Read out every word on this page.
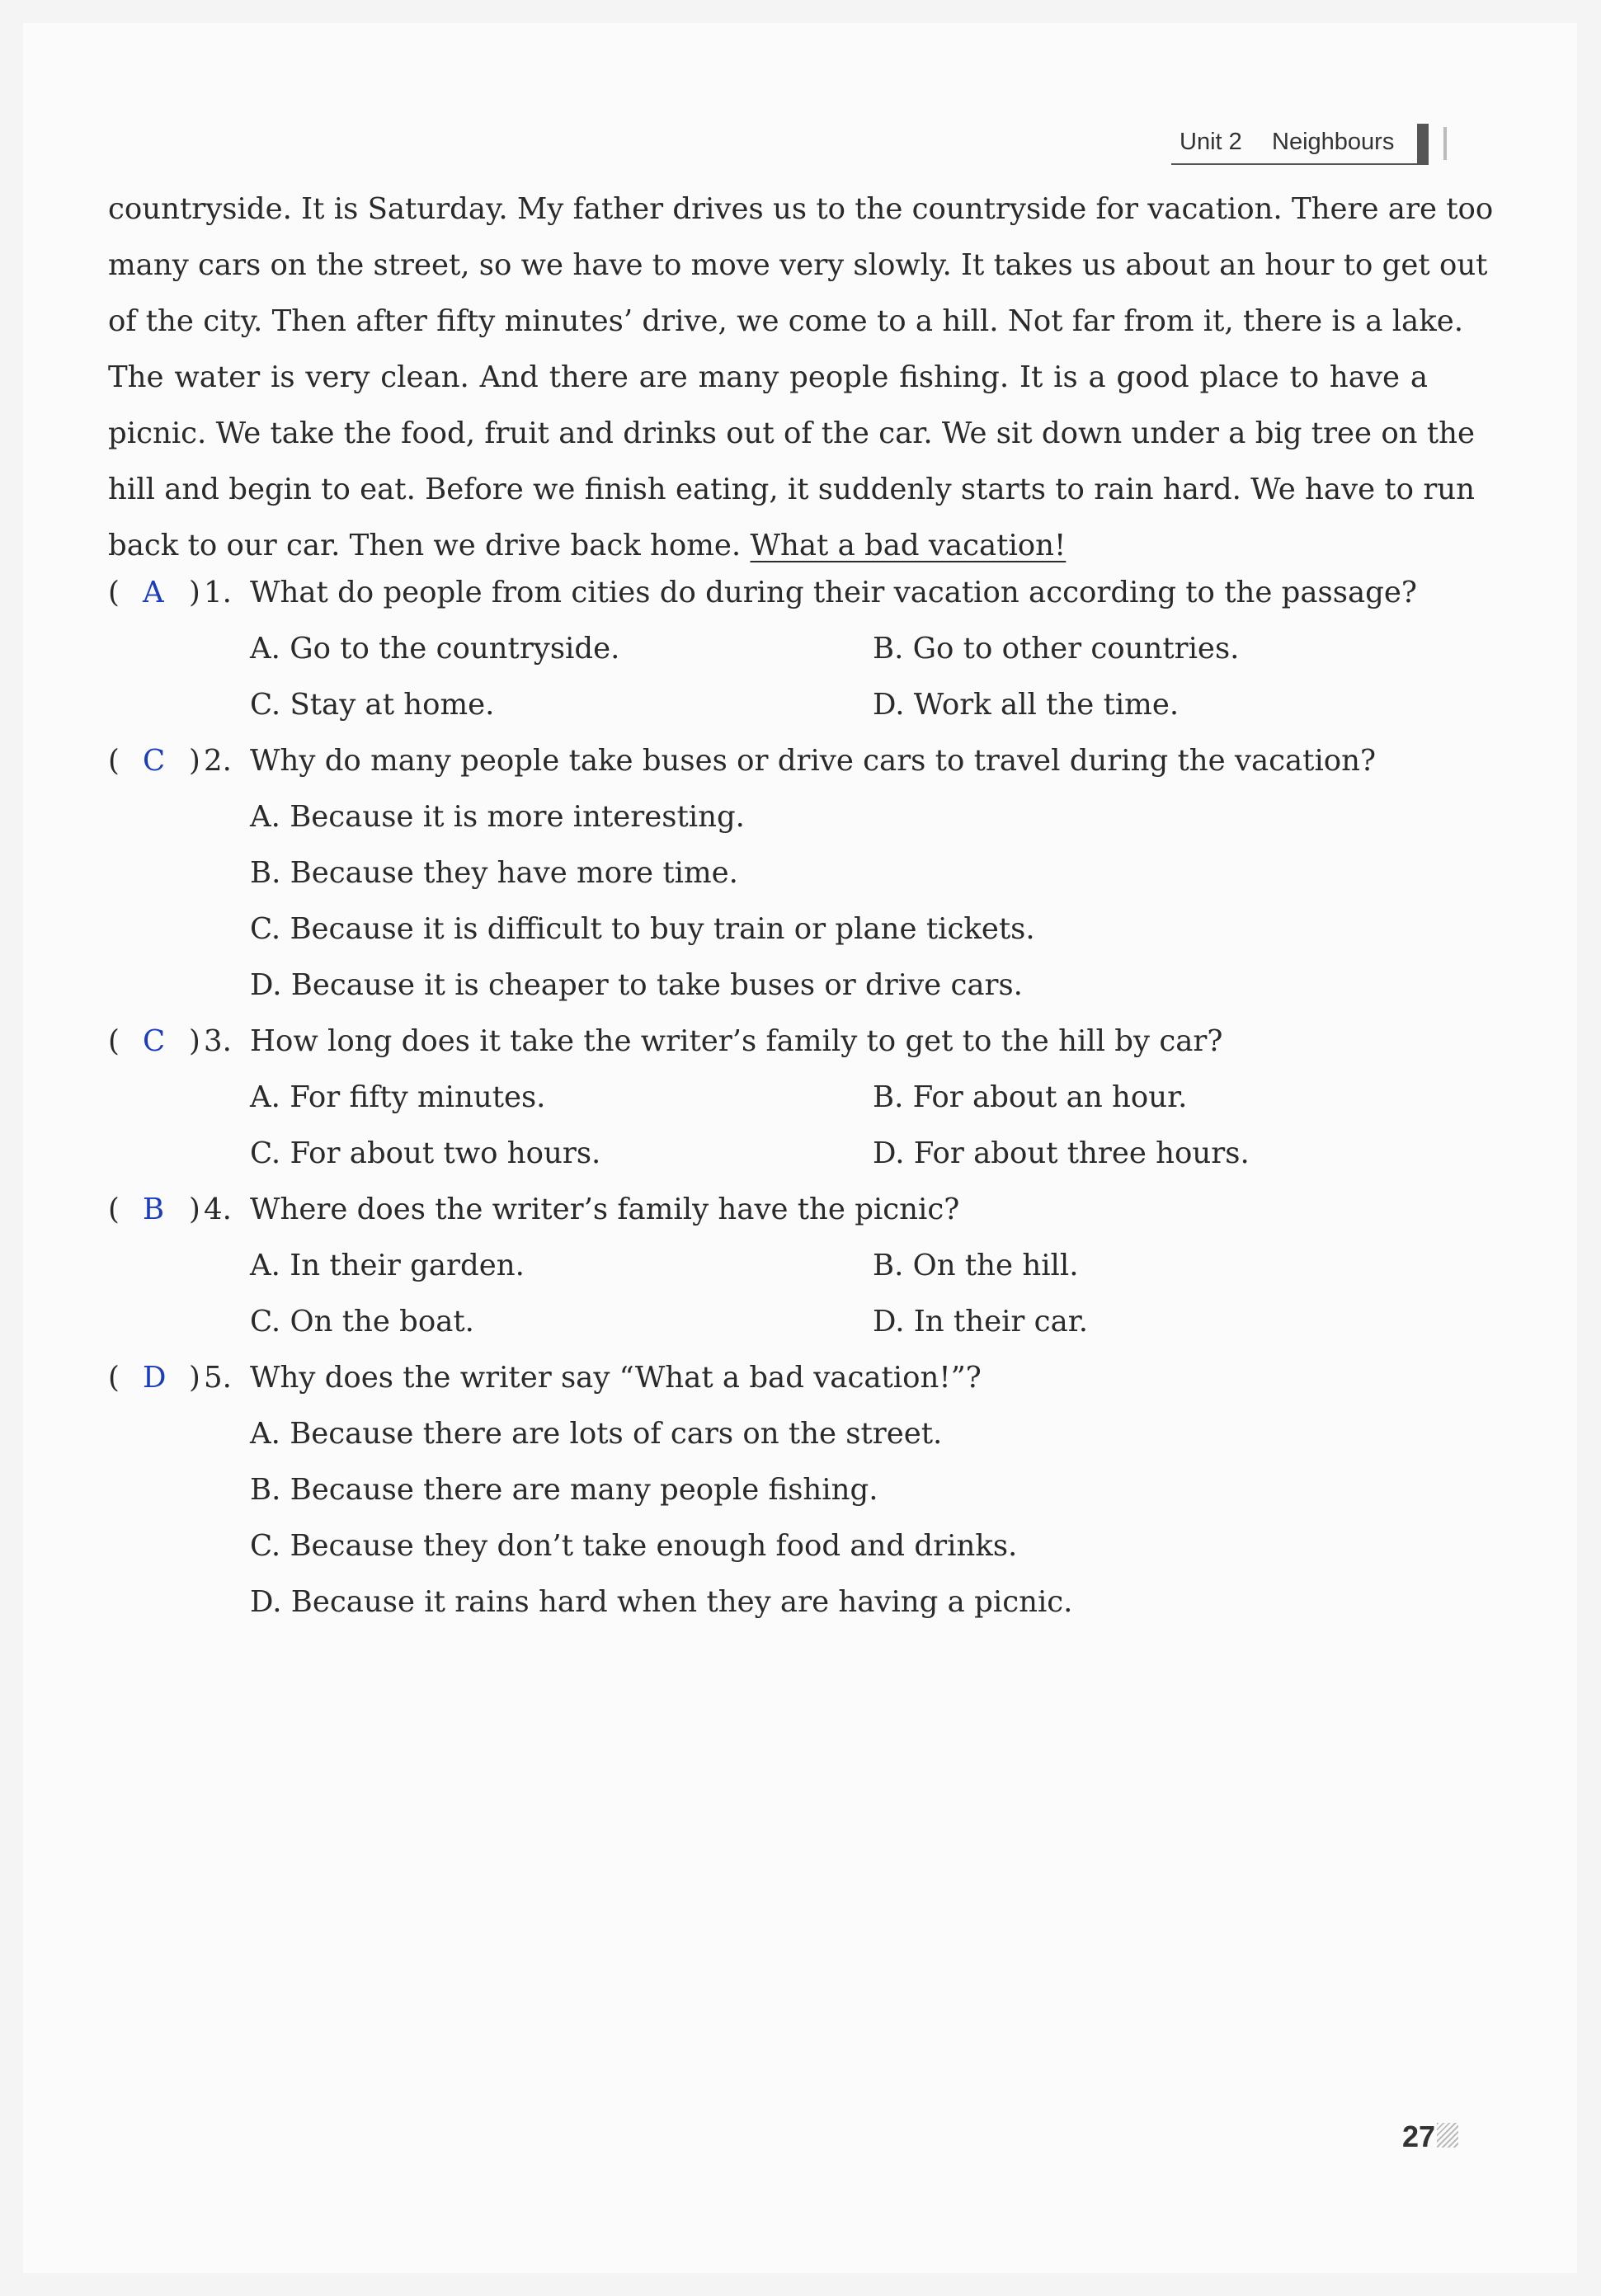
Unit 2 Neighbours
countryside. It is Saturday. My father drives us to the countryside for vacation. There are too
many cars on the street, so we have to move very slowly. It takes us about an hour to get out
of the city. Then after fifty minutes’ drive, we come to a hill. Not far from it, there is a lake.
The water is very clean. And there are many people fishing. It is a good place to have a
picnic. We take the food, fruit and drinks out of the car. We sit down under a big tree on the
hill and begin to eat. Before we finish eating, it suddenly starts to rain hard. We have to run
back to our car. Then we drive back home. What a bad vacation!
( A ) 1. What do people from cities do during their vacation according to the passage?
A. Go to the countryside.	B. Go to other countries.
C. Stay at home.	D. Work all the time.
( C ) 2. Why do many people take buses or drive cars to travel during the vacation?
A. Because it is more interesting.
B. Because they have more time.
C. Because it is difficult to buy train or plane tickets.
D. Because it is cheaper to take buses or drive cars.
( C ) 3. How long does it take the writer’s family to get to the hill by car?
A. For fifty minutes.	B. For about an hour.
C. For about two hours.	D. For about three hours.
( B ) 4. Where does the writer’s family have the picnic?
A. In their garden.	B. On the hill.
C. On the boat.	D. In their car.
( D ) 5. Why does the writer say “What a bad vacation!”?
A. Because there are lots of cars on the street.
B. Because there are many people fishing.
C. Because they don’t take enough food and drinks.
D. Because it rains hard when they are having a picnic.
27
